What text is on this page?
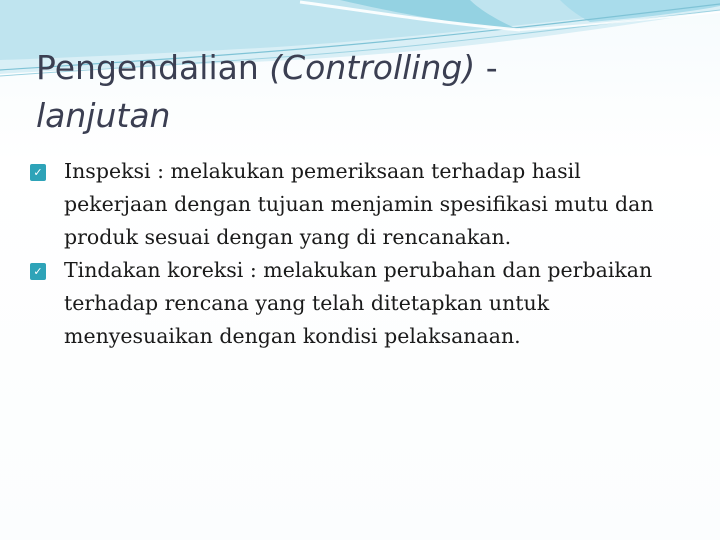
Pengendalian (Controlling) -
lanjutan

✓ Inspeksi : melakukan pemeriksaan terhadap hasil pekerjaan dengan tujuan menjamin spesifikasi mutu dan produk sesuai dengan yang di rencanakan.

✓ Tindakan koreksi : melakukan perubahan dan perbaikan terhadap rencana yang telah ditetapkan untuk menyesuaikan dengan kondisi pelaksanaan.
